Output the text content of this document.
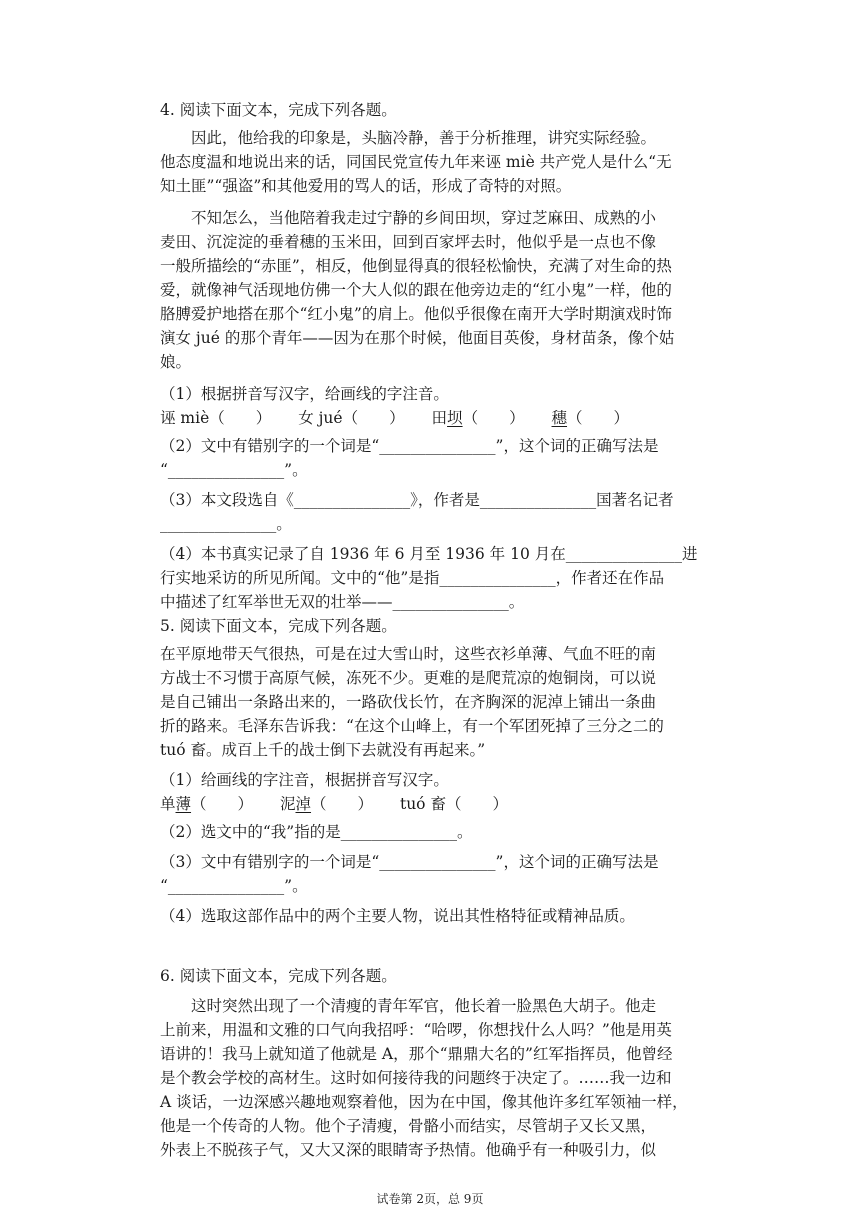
4. 阅读下面文本，完成下列各题。
因此，他给我的印象是，头脑冷静，善于分析推理，讲究实际经验。
他态度温和地说出来的话，同国民党宣传九年来诬 miè 共产党人是什么“无
知土匪”“强盗”和其他爱用的骂人的话，形成了奇特的对照。
不知怎么，当他陪着我走过宁静的乡间田坝，穿过芝麻田、成熟的小
麦田、沉淀淀的垂着穗的玉米田，回到百家坪去时，他似乎是一点也不像
一般所描绘的“赤匪”，相反，他倒显得真的很轻松愉快，充满了对生命的热
爱，就像神气活现地仿佛一个大人似的跟在他旁边走的“红小鬼”一样，他的
胳膊爱护地搭在那个“红小鬼”的肩上。他似乎很像在南开大学时期演戏时饰
演女 jué 的那个青年——因为在那个时候，他面目英俊，身材苗条，像个姑
娘。
（1）根据拼音写汉字，给画线的字注音。
诬 miè（　　） 女 jué（　　） 田坝（　　） 穗（　　）
（2）文中有错别字的一个词是“_______________”，这个词的正确写法是
“_______________”。
（3）本文段选自《_______________》，作者是_______________国著名记者
_______________。
（4）本书真实记录了自 1936 年 6 月至 1936 年 10 月在_______________进
行实地采访的所见所闻。文中的“他”是指_______________，作者还在作品
中描述了红军举世无双的壮举——_______________。
5. 阅读下面文本，完成下列各题。
在平原地带天气很热，可是在过大雪山时，这些衣衫单薄、气血不旺的南
方战士不习惯于高原气候，冻死不少。更难的是爬荒凉的炮铜岗，可以说
是自己铺出一条路出来的，一路砍伐长竹，在齐胸深的泥淖上铺出一条曲
折的路来。毛泽东告诉我：“在这个山峰上，有一个军团死掉了三分之二的
tuó 畜。成百上千的战士倒下去就没有再起来。”
（1）给画线的字注音，根据拼音写汉字。
单薄（　　） 泥淖（　　） tuó 畜（　　）
（2）选文中的“我”指的是_______________。
（3）文中有错别字的一个词是“_______________”，这个词的正确写法是
“_______________”。
（4）选取这部作品中的两个主要人物，说出其性格特征或精神品质。
6. 阅读下面文本，完成下列各题。
这时突然出现了一个清瘦的青年军官，他长着一脸黑色大胡子。他走
上前来，用温和文雅的口气向我招呼：“哈啰，你想找什么人吗？”他是用英
语讲的！我马上就知道了他就是 A，那个“鼎鼎大名的”红军指挥员，他曾经
是个教会学校的高材生。这时如何接待我的问题终于决定了。……我一边和
A 谈话，一边深感兴趣地观察着他，因为在中国，像其他许多红军领袖一样，
他是一个传奇的人物。他个子清瘦，骨骼小而结实，尽管胡子又长又黑，
外表上不脱孩子气，又大又深的眼睛寄予热情。他确乎有一种吸引力，似
试卷第 2页，总 9页
